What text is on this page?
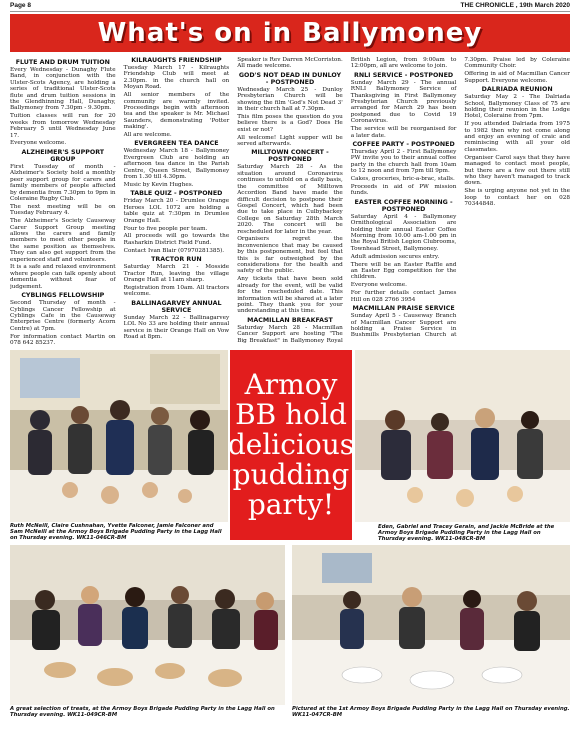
Page 8	THE CHRONICLE , 19th March 2020
What's on in Ballymoney
FLUTE AND DRUM TUITION

Every Wednesday - Dunaghy Flute Band, in conjunction with the Ulster-Scots Agency, are holding a series of traditional Ulster-Scots flute and drum tuition sessions in the Glendhinning Hall, Dunaghy, Ballymoney from 7.30pm - 9.30pm.

Tuition classes will run for 20 weeks from tomorrow Wednesday February 5 until Wednesday June 17.

Everyone welcome.

ALZHEIMER'S SUPPORT GROUP

First Tuesday of month - Alzheimer's Society hold a monthly peer support group for carers and family members of people affected by dementia from 7.30pm to 9pm in Coleraine Rugby Club.

The next meeting will be on Tuesday February 4.

The Alzheimer's Society Causeway Carer Support Group meeting allows the carers and family members to meet other people in the same position as themselves. They can also get support from the experienced staff and volunteers.

It is a safe and relaxed environment where people can talk openly about dementia without fear of judgement.

CYBLINGS FELLOWSHIP

Second Thursday of month - Cyblings Cancer Fellowship at Cyblings Cafe in the Causeway Enterprise Centre (formerly Acorn Centre) at 7pm.

For information contact Martin on 078 642 85237.

KILRAUGHTS FRIENDSHIP

Tuesday March 17 - Kilraughts Friendship Club will meet at 2.30pm. in the church hall on Moyan Road.

All senior members of the community are warmly invited. Proceedings begin with afternoon tea and the speaker is Mr. Michael Saunders, demonstrating 'Potter making'.

All are welcome.

EVERGREEN TEA DANCE

Wednesday March 18 - Ballymoney Evergreen Club are holding an afternoon tea dance in the Parish Centre, Queen Street, Ballymoney from 1.30 till 4.30pm.

Music by Kevin Hughes.

TABLE QUIZ - POSTPONED

Friday March 20 - Drumlee Orange Heroes LOL 1072 are holding a table quiz at 7:30pm in Drumlee Orange Hall.

Four to five people per team.

All proceeds will go towards the Rasharkin District Field Fund.

Contact Ivan Blair (07970281385).

TRACTOR RUN

Saturday March 21 - Mosside Tractor Run, leaving the village Orange Hall at 11am sharp.

Registration from 10am. All tractors welcome.

BALLINAGARVEY ANNUAL SERVICE

Sunday March 22 - Ballinagarvey LOL No 33 are holding their annual service in their Orange Hall on Vow Road at 8pm.

Speaker is Rev Darren McCorriston. All made welcome.

GOD'S NOT DEAD IN DUNLOY - POSTPONED

Wednesday March 25 - Dunloy Presbyterian Church will be showing the film 'God's Not Dead 3' in their church hall at 7.30pm.

This film poses the question do you believe there is a God? Does He exist or not?

All welcome! Light supper will be served afterwards.

MILLTOWN CONCERT - POSTPONED

Saturday March 28 - As the situation around Coronavirus continues to unfold on a daily basis, the committee of Milltown Accordion Band have made the difficult decision to postpone their Gospel Concert, which had been due to take place in Culbybackey College on Saturday 28th March 2020. The concert will be rescheduled for later in the year.

Organisers regret the inconvenience that may be caused by this postponement, but feel that this is far outweighed by the considerations for the health and safety of the public.

Any tickets that have been sold already for the event, will be valid for the rescheduled date. This information will be shared at a later point. They thank you for your understanding at this time.

MACMILLAN BREAKFAST

Saturday March 28 - Macmillan Cancer Support are hosting "The Big Breakfast" in Ballymoney Royal British Legion, from 9:00am to 12:00pm, all are welcome to join.

RNLI SERVICE - POSTPONED

Sunday March 29 - The annual RNLI Ballymoney Service of Thanksgiving in First Ballymoney Presbyterian Church previously arranged for March 29 has been postponed due to Covid 19 Coronavirus.

The service will be reorganised for a later date.

COFFEE PARTY - POSTPONED

Thursday April 2 - First Ballymoney PW invite you to their annual coffee party in the church hall from 10am to 12 noon and from 7pm till 9pm.

Cakes, groceries, bric-a-brac, stalls.

Proceeds in aid of PW mission funds.

EASTER COFFEE MORNING - POSTPONED

Saturday April 4 - Ballymoney Ornithological Association are holding their annual Easter Coffee Morning from 10.00 am-1.00 pm in the Royal British Legion Clubrooms, Townhead Street, Ballymoney.

Adult admission secures entry.

There will be an Easter Raffle and an Easter Egg competition for the children.

Everyone welcome.

For further details contact James Hill on 028 2766 3954

MACMILLAN PRAISE SERVICE

Sunday April 5 - Causeway Branch of Macmillan Cancer Support are holding a Praise Service in Bushmills Presbyterian Church at 7.30pm. Praise led by Coleraine Community Choir.

Offering in aid of Macmillan Cancer Support. Everyone welcome.

DALRIADA REUNION

Saturday May 2 - The Dalriada School, Ballymoney Class of 75 are holding their reunion in the Lodge Hotel, Coleraine from 7pm.

If you attended Dalriada from 1975 to 1982 then why not come along and enjoy an evening of craic and reminiscing with all your old classmates.

Organiser Carol says that they have managed to contact most people, but there are a few out there still who they haven't managed to track down.

She is urging anyone not yet in the loop to contact her on 028 70344848.

Ruth McNeill, Claire Cushnahan, Yvette Falconer, Jamie Falconer and Sam McNeill at the Armoy Boys Brigade Pudding Party in the Lagg Hall on Thursday evening. WK11-046CR-BM
Armoy BB hold delicious pudding party!
Eden, Gabriel and Tracey Gerain, and Jackie McBride at the Armoy Boys Brigade Pudding Party in the Lagg Hall on Thursday evening. WK11-048CR-BM
A great selection of treats, at the Armoy Boys Brigade Pudding Party in the Lagg Hall on Thursday evening. WK11-049CR-BM
Pictured at the 1st Armoy Boys Brigade Pudding Party in the Lagg Hall on Thursday evening. WK11-047CR-BM
